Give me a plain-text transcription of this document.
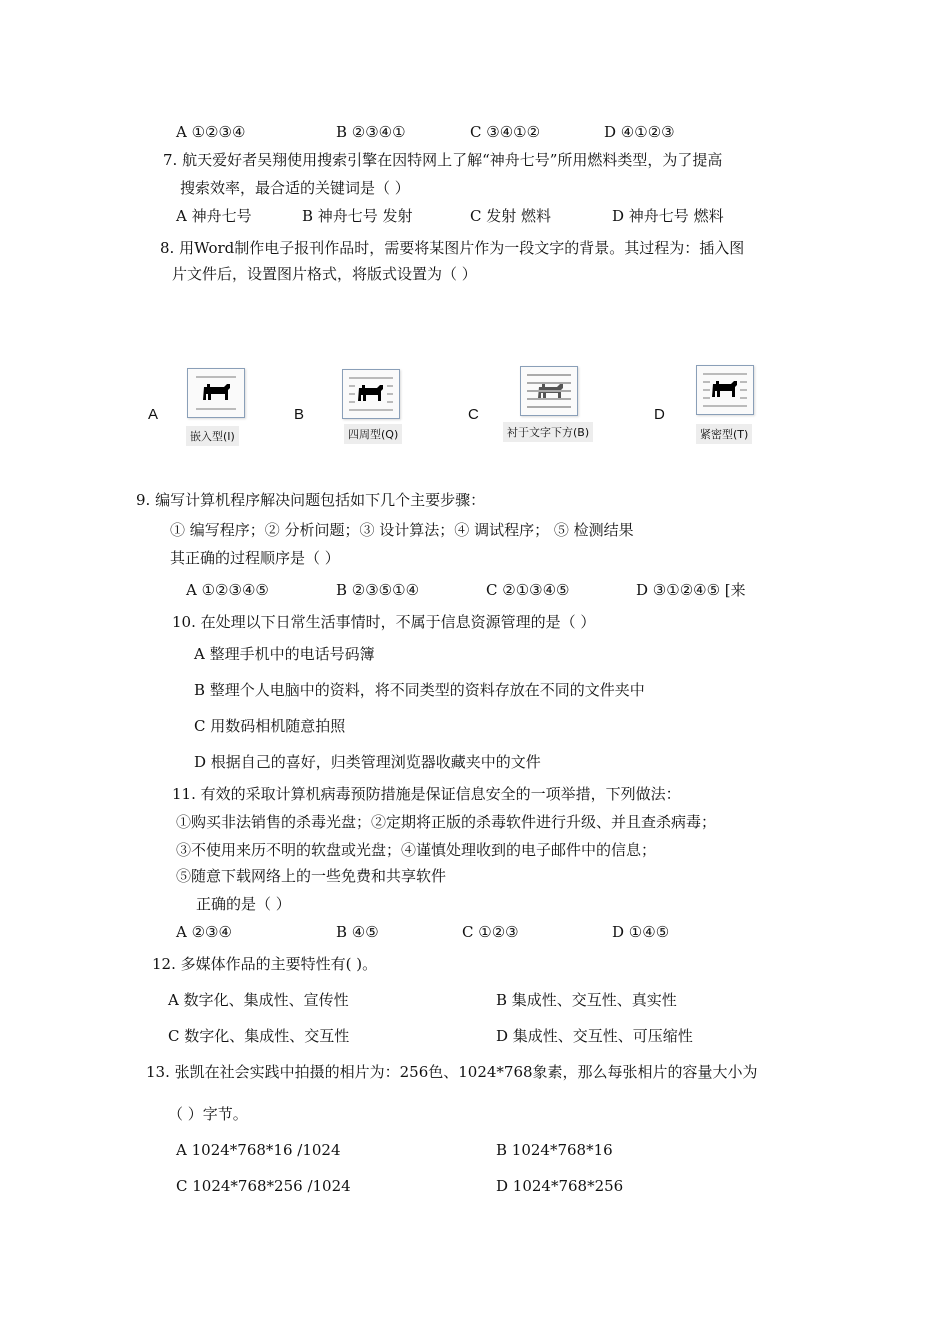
A ①②③④	B ②③④①	C ③④①②	D ④①②③
7. 航天爱好者吴翔使用搜索引擎在因特网上了解“神舟七号”所用燃料类型，为了提高
搜索效率，最合适的关键词是（ ）
A 神舟七号	B 神舟七号 发射	C 发射 燃料	D 神舟七号 燃料
8. 用Word制作电子报刊作品时，需要将某图片作为一段文字的背景。其过程为：插入图
片文件后，设置图片格式，将版式设置为（ ）
A
嵌入型(I)
B
四周型(Q)
C
衬于文字下方(B)
D
紧密型(T)
9. 编写计算机程序解决问题包括如下几个主要步骤：
① 编写程序；② 分析问题；③ 设计算法；④ 调试程序； ⑤ 检测结果
其正确的过程顺序是（ ）
A ①②③④⑤	B ②③⑤①④	C ②①③④⑤	D ③①②④⑤ [来
10. 在处理以下日常生活事情时，不属于信息资源管理的是（ ）
A 整理手机中的电话号码簿
B 整理个人电脑中的资料，将不同类型的资料存放在不同的文件夹中
C 用数码相机随意拍照
D 根据自己的喜好，归类管理浏览器收藏夹中的文件
11. 有效的采取计算机病毒预防措施是保证信息安全的一项举措，下列做法：
①购买非法销售的杀毒光盘；②定期将正版的杀毒软件进行升级、并且查杀病毒；
③不使用来历不明的软盘或光盘；④谨慎处理收到的电子邮件中的信息；
⑤随意下载网络上的一些免费和共享软件
正确的是（ ）
A ②③④	B ④⑤	C ①②③	D ①④⑤
12. 多媒体作品的主要特性有( )。
A 数字化、集成性、宣传性	B 集成性、交互性、真实性
C 数字化、集成性、交互性	D 集成性、交互性、可压缩性
13. 张凯在社会实践中拍摄的相片为：256色、1024*768象素，那么每张相片的容量大小为
（ ）字节。
A 1024*768*16 /1024	B 1024*768*16
C 1024*768*256 /1024	D 1024*768*256
